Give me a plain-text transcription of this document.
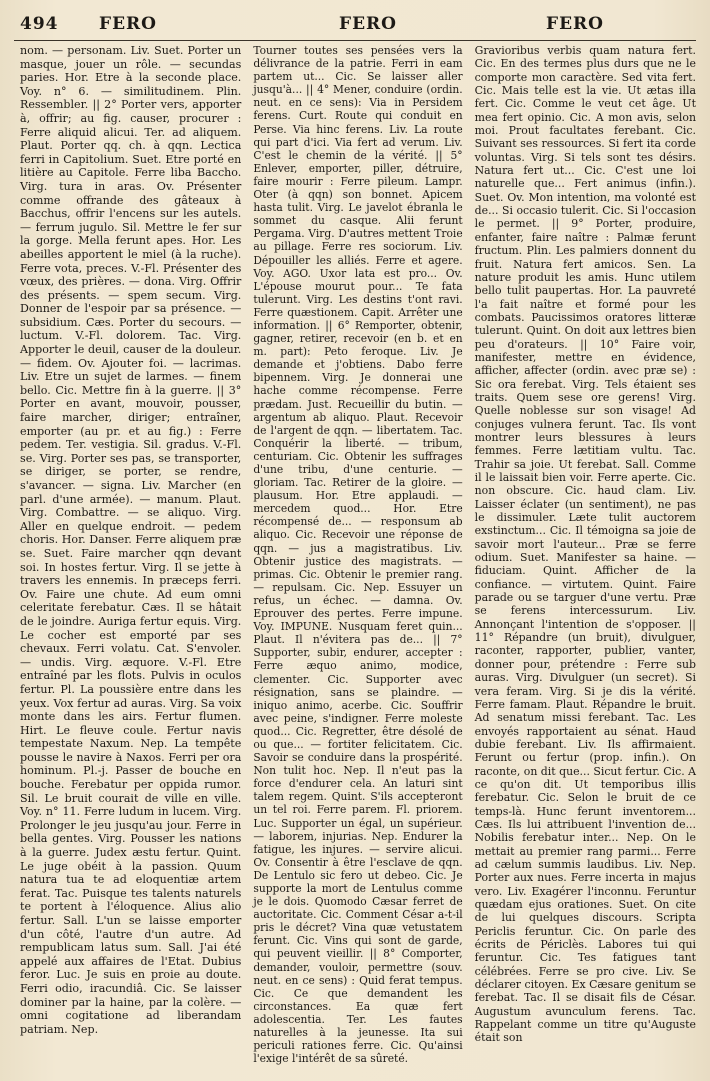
494 FERO	FERO	FERO

nom. — personam. Liv. Suet. Porter un masque, jouer un rôle. — secundas paries. Hor. Etre à la seconde place. Voy. n° 6. — similitudinem. Plin. Ressembler. || 2° Porter vers, apporter à, offrir; au fig. causer, procurer : Ferre aliquid alicui. Ter. ad aliquem. Plaut. Porter qq. ch. à qqn. Lectica ferri in Capitolium. Suet. Etre porté en litière au Capitole. Ferre liba Baccho. Virg. tura in aras. Ov. Présenter comme offrande des gâteaux à Bacchus, offrir l'encens sur les autels. — ferrum jugulo. Sil. Mettre le fer sur la gorge. Mella ferunt apes. Hor. Les abeilles apportent le miel (à la ruche). Ferre vota, preces. V.-Fl. Présenter des vœux, des prières. — dona. Virg. Offrir des présents. — spem secum. Virg. Donner de l'espoir par sa présence. — subsidium. Cæs. Porter du secours. — luctum. V.-Fl. dolorem. Tac. Virg. Apporter le deuil, causer de la douleur. — fidem. Ov. Ajouter foi. — lacrimas. Liv. Etre un sujet de larmes. — finem bello. Cic. Mettre fin à la guerre. || 3° Porter en avant, mouvoir, pousser, faire marcher, diriger; entraîner, emporter (au pr. et au fig.) : Ferre pedem. Ter. vestigia. Sil. gradus. V.-Fl. se. Virg. Porter ses pas, se transporter, se diriger, se porter, se rendre, s'avancer. — signa. Liv. Marcher (en parl. d'une armée). — manum. Plaut. Virg. Combattre. — se aliquo. Virg. Aller en quelque endroit. — pedem choris. Hor. Danser. Ferre aliquem præ se. Suet. Faire marcher qqn devant soi. In hostes fertur. Virg. Il se jette à travers les ennemis. In præceps ferri. Ov. Faire une chute. Ad eum omni celeritate ferebatur. Cæs. Il se hâtait de le joindre. Auriga fertur equis. Virg. Le cocher est emporté par ses chevaux. Ferri volatu. Cat. S'envoler. — undis. Virg. æquore. V.-Fl. Etre entraîné par les flots. Pulvis in oculos fertur. Pl. La poussière entre dans les yeux. Vox fertur ad auras. Virg. Sa voix monte dans les airs. Fertur flumen. Hirt. Le fleuve coule. Fertur navis tempestate Naxum. Nep. La tempête pousse le navire à Naxos. Ferri per ora hominum. Pl.-j. Passer de bouche en bouche. Ferebatur per oppida rumor. Sil. Le bruit courait de ville en ville. Voy. n° 11. Ferre ludum in lucem. Virg. Prolonger le jeu jusqu'au jour. Ferre in bella gentes. Virg. Pousser les nations à la guerre. Judex æstu fertur. Quint. Le juge obéit à la passion. Quum natura tua te ad eloquentiæ artem ferat. Tac. Puisque tes talents naturels te portent à l'éloquence. Alius alio fertur. Sall. L'un se laisse emporter d'un côté, l'autre d'un autre. Ad rempublicam latus sum. Sall. J'ai été appelé aux affaires de l'Etat. Dubius feror. Luc. Je suis en proie au doute. Ferri odio, iracundiâ. Cic. Se laisser dominer par la haine, par la colère. — omni cogitatione ad liberandam patriam. Nep.

Tourner toutes ses pensées vers la délivrance de la patrie. Ferri in eam partem ut... Cic. Se laisser aller jusqu'à... || 4° Mener, conduire (ordin. neut. en ce sens): Via in Persidem ferens. Curt. Route qui conduit en Perse. Via hinc ferens. Liv. La route qui part d'ici. Via fert ad verum. Liv. C'est le chemin de la vérité. || 5° Enlever, emporter, piller, détruire, faire mourir : Ferre pileum. Lampr. Oter (à qqn) son bonnet. Apicem hasta tulit. Virg. Le javelot ébranla le sommet du casque. Alii ferunt Pergama. Virg. D'autres mettent Troie au pillage. Ferre res sociorum. Liv. Dépouiller les alliés. Ferre et agere. Voy. AGO. Uxor lata est pro... Ov. L'épouse mourut pour... Te fata tulerunt. Virg. Les destins t'ont ravi. Ferre quæstionem. Capit. Arrêter une information. || 6° Remporter, obtenir, gagner, retirer, recevoir (en b. et en m. part): Peto feroque. Liv. Je demande et j'obtiens. Dabo ferre bipennem. Virg. Je donnerai une hache comme récompense. Ferre prædam. Just. Recueillir du butin. — argentum ab aliquo. Plaut. Recevoir de l'argent de qqn. — libertatem. Tac. Conquérir la liberté. — tribum, centuriam. Cic. Obtenir les suffrages d'une tribu, d'une centurie. — gloriam. Tac. Retirer de la gloire. — plausum. Hor. Etre applaudi. — mercedem quod... Hor. Etre récompensé de... — responsum ab aliquo. Cic. Recevoir une réponse de qqn. — jus a magistratibus. Liv. Obtenir justice des magistrats. — primas. Cic. Obtenir le premier rang. — repulsam. Cic. Nep. Essuyer un refus, un échec. — damna. Ov. Eprouver des pertes. Ferre impune. Voy. IMPUNE. Nusquam feret quin... Plaut. Il n'évitera pas de... || 7° Supporter, subir, endurer, accepter : Ferre æquo animo, modice, clementer. Cic. Supporter avec résignation, sans se plaindre. — iniquo animo, acerbe. Cic. Souffrir avec peine, s'indigner. Ferre moleste quod... Cic. Regretter, être désolé de ou que... — fortiter felicitatem. Cic. Savoir se conduire dans la prospérité. Non tulit hoc. Nep. Il n'eut pas la force d'endurer cela. An laturi sint talem regem. Quint. S'ils accepteront un tel roi. Ferre parem. Fl. priorem. Luc. Supporter un égal, un supérieur. — laborem, injurias. Nep. Endurer la fatigue, les injures. — servire alicui. Ov. Consentir à être l'esclave de qqn. De Lentulo sic fero ut debeo. Cic. Je supporte la mort de Lentulus comme je le dois. Quomodo Cæsar ferret de auctoritate. Cic. Comment César a-t-il pris le décret? Vina quæ vetustatem ferunt. Cic. Vins qui sont de garde, qui peuvent vieillir. || 8° Comporter, demander, vouloir, permettre (souv. neut. en ce sens) : Quid ferat tempus. Cic. Ce que demandent les circonstances. Ea quæ fert adolescentia. Ter. Les fautes naturelles à la jeunesse. Ita sui periculi rationes ferre. Cic. Qu'ainsi l'exige l'intérêt de sa sûreté.

Gravioribus verbis quam natura fert. Cic. En des termes plus durs que ne le comporte mon caractère. Sed vita fert. Cic. Mais telle est la vie. Ut ætas illa fert. Cic. Comme le veut cet âge. Ut mea fert opinio. Cic. A mon avis, selon moi. Prout facultates ferebant. Cic. Suivant ses ressources. Si fert ita corde voluntas. Virg. Si tels sont tes désirs. Natura fert ut... Cic. C'est une loi naturelle que... Fert animus (infin.). Suet. Ov. Mon intention, ma volonté est de... Si occasio tulerit. Cic. Si l'occasion le permet. || 9° Porter, produire, enfanter, faire naître : Palmæ ferunt fructum. Plin. Les palmiers donnent du fruit. Natura fert amicos. Sen. La nature produit les amis. Hunc utilem bello tulit paupertas. Hor. La pauvreté l'a fait naître et formé pour les combats. Paucissimos oratores litteræ tulerunt. Quint. On doit aux lettres bien peu d'orateurs. || 10° Faire voir, manifester, mettre en évidence, afficher, affecter (ordin. avec præ se) : Sic ora ferebat. Virg. Tels étaient ses traits. Quem sese ore gerens! Virg. Quelle noblesse sur son visage! Ad conjuges vulnera ferunt. Tac. Ils vont montrer leurs blessures à leurs femmes. Ferre lætitiam vultu. Tac. Trahir sa joie. Ut ferebat. Sall. Comme il le laissait bien voir. Ferre aperte. Cic. non obscure. Cic. haud clam. Liv. Laisser éclater (un sentiment), ne pas le dissimuler. Læte tulit auctorem exstinctum... Cic. Il témoigna sa joie de savoir mort l'auteur... Præ se ferre odium. Suet. Manifester sa haine. — fiduciam. Quint. Afficher de la confiance. — virtutem. Quint. Faire parade ou se targuer d'une vertu. Præ se ferens intercessurum. Liv. Annonçant l'intention de s'opposer. || 11° Répandre (un bruit), divulguer, raconter, rapporter, publier, vanter, donner pour, prétendre : Ferre sub auras. Virg. Divulguer (un secret). Si vera feram. Virg. Si je dis la vérité. Ferre famam. Plaut. Répandre le bruit. Ad senatum missi ferebant. Tac. Les envoyés rapportaient au sénat. Haud dubie ferebant. Liv. Ils affirmaient. Ferunt ou fertur (prop. infin.). On raconte, on dit que... Sicut fertur. Cic. A ce qu'on dit. Ut temporibus illis ferebatur. Cic. Selon le bruit de ce temps-là. Hunc ferunt inventorem... Cæs. Ils lui attribuent l'invention de... Nobilis ferebatur inter... Nep. On le mettait au premier rang parmi... Ferre ad cælum summis laudibus. Liv. Nep. Porter aux nues. Ferre incerta in majus vero. Liv. Exagérer l'inconnu. Feruntur quædam ejus orationes. Suet. On cite de lui quelques discours. Scripta Periclis feruntur. Cic. On parle des écrits de Périclès. Labores tui qui feruntur. Cic. Tes fatigues tant célébrées. Ferre se pro cive. Liv. Se déclarer citoyen. Ex Cæsare genitum se ferebat. Tac. Il se disait fils de César. Augustum avunculum ferens. Tac. Rappelant comme un titre qu'Auguste était son
